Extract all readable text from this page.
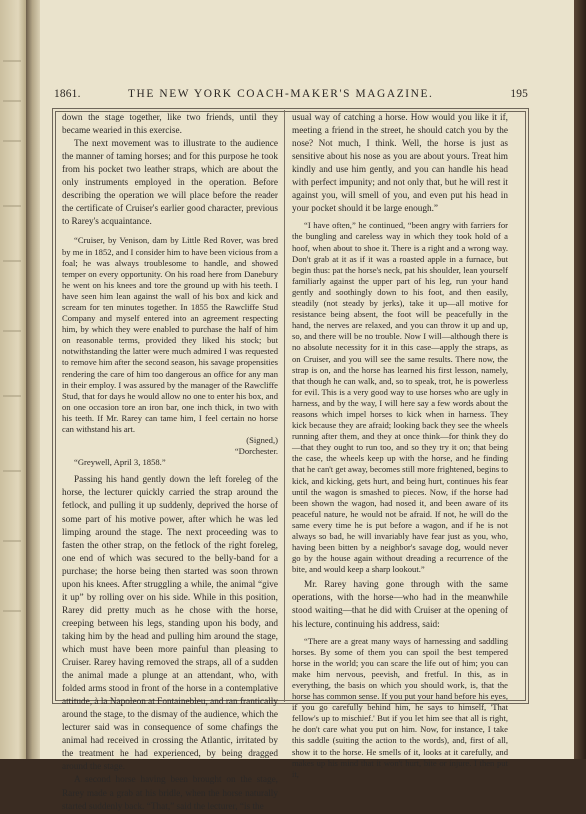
1861.	THE NEW YORK COACH-MAKER'S MAGAZINE.	195

down the stage together, like two friends, until they became wearied in this exercise.

The next movement was to illustrate to the audience the manner of taming horses; and for this purpose he took from his pocket two leather straps, which are about the only instruments employed in the operation. Before describing the operation we will place before the reader the certificate of Cruiser's earlier good character, previous to Rarey's acquaintance.

“Cruiser, by Venison, dam by Little Red Rover, was bred by me in 1852, and I consider him to have been vicious from a foal; he was always troublesome to handle, and showed temper on every opportunity. On his road here from Danebury he went on his knees and tore the ground up with his teeth. I have seen him lean against the wall of his box and kick and scream for ten minutes together. In 1855 the Rawcliffe Stud Company and myself entered into an agreement respecting him, by which they were enabled to purchase the half of him on reasonable terms, provided they liked his stock; but notwithstanding the latter were much admired I was requested to remove him after the second season, his savage propensities rendering the care of him too dangerous an office for any man in their employ. I was assured by the manager of the Rawcliffe Stud, that for days he would allow no one to enter his box, and on one occasion tore an iron bar, one inch thick, in two with his teeth. If Mr. Rarey can tame him, I feel certain no horse can withstand his art.

(Signed,)

“Dorchester.

“Greywell, April 3, 1858.”

Passing his hand gently down the left foreleg of the horse, the lecturer quickly carried the strap around the fetlock, and pulling it up suddenly, deprived the horse of some part of his motive power, after which he was led limping around the stage. The next proceeding was to fasten the other strap, on the fetlock of the right foreleg, one end of which was secured to the belly-band for a purchase; the horse being then started was soon thrown upon his knees. After struggling a while, the animal “give it up” by rolling over on his side. While in this position, Rarey did pretty much as he chose with the horse, creeping between his legs, standing upon his body, and taking him by the head and pulling him around the stage, which must have been more painful than pleasing to Cruiser. Rarey having removed the straps, all of a sudden the animal made a plunge at an attendant, who, with folded arms stood in front of the horse in a contemplative attitude, à la Napoleon at Fontainebleu, and ran frantically around the stage, to the dismay of the audience, which the lecturer said was in consequence of some chafings the animal had received in crossing the Atlantic, irritated by the treatment he had experienced, by being dragged around the stage.

A second horse having been brought on the stage, Rarey made a grab at his bridle, when the horse naturally started suddenly back. “That,” said the lecturer, “is the

usual way of catching a horse. How would you like it if, meeting a friend in the street, he should catch you by the nose? Not much, I think. Well, the horse is just as sensitive about his nose as you are about yours. Treat him kindly and use him gently, and you can handle his head with perfect impunity; and not only that, but he will rest it against you, will smell of you, and even put his head in your pocket should it be large enough.”

“I have often,” he continued, “been angry with farriers for the bungling and careless way in which they took hold of a hoof, when about to shoe it. There is a right and a wrong way. Don't grab at it as if it was a roasted apple in a furnace, but begin thus: pat the horse's neck, pat his shoulder, lean yourself familiarly against the upper part of his leg, run your hand gently and soothingly down to his foot, and then easily, steadily (not steady by jerks), take it up—all motive for resistance being absent, the foot will be peacefully in the hand, the nerves are relaxed, and you can throw it up and up, so, and there will be no trouble. Now I will—although there is no absolute necessity for it in this case—apply the straps, as on Cruiser, and you will see the same results. There now, the strap is on, and the horse has learned his first lesson, namely, that though he can walk, and, so to speak, trot, he is powerless for evil. This is a very good way to use horses who are ugly in harness, and by the way, I will here say a few words about the reasons which impel horses to kick when in harness. They kick because they are afraid; looking back they see the wheels running after them, and they at once think—for think they do—that they ought to run too, and so they try it on; that being the case, the wheels keep up with the horse, and he finding that he can't get away, becomes still more frightened, begins to kick, and kicking, gets hurt, and being hurt, continues his fear until the wagon is smashed to pieces. Now, if the horse had been shown the wagon, had nosed it, and been aware of its peaceful nature, he would not be afraid. If not, he will do the same every time he is put before a wagon, and if he is not always so bad, he will invariably have fear just as you, who, having been bitten by a neighbor's savage dog, would never go by the house again without dreading a recurrence of the bite, and would keep a sharp lookout.”

Mr. Rarey having gone through with the same operations, with the horse—who had in the meanwhile stood waiting—that he did with Cruiser at the opening of his lecture, continuing his address, said:

“There are a great many ways of harnessing and saddling horses. By some of them you can spoil the best tempered horse in the world; you can scare the life out of him; you can make him nervous, peevish, and fretful. In this, as in everything, the basis on which you should work, is, that the horse has common sense. If you put your hand before his eyes, if you go carefully behind him, he says to himself, 'That fellow's up to mischief.' But if you let him see that all is right, he don't care what you put on him. Now, for instance, I take this saddle (suiting the action to the words), and, first of all, show it to the horse. He smells of it, looks at it carefully, and makes up his mind that it won't hurt, bite or injure. I then put it,
